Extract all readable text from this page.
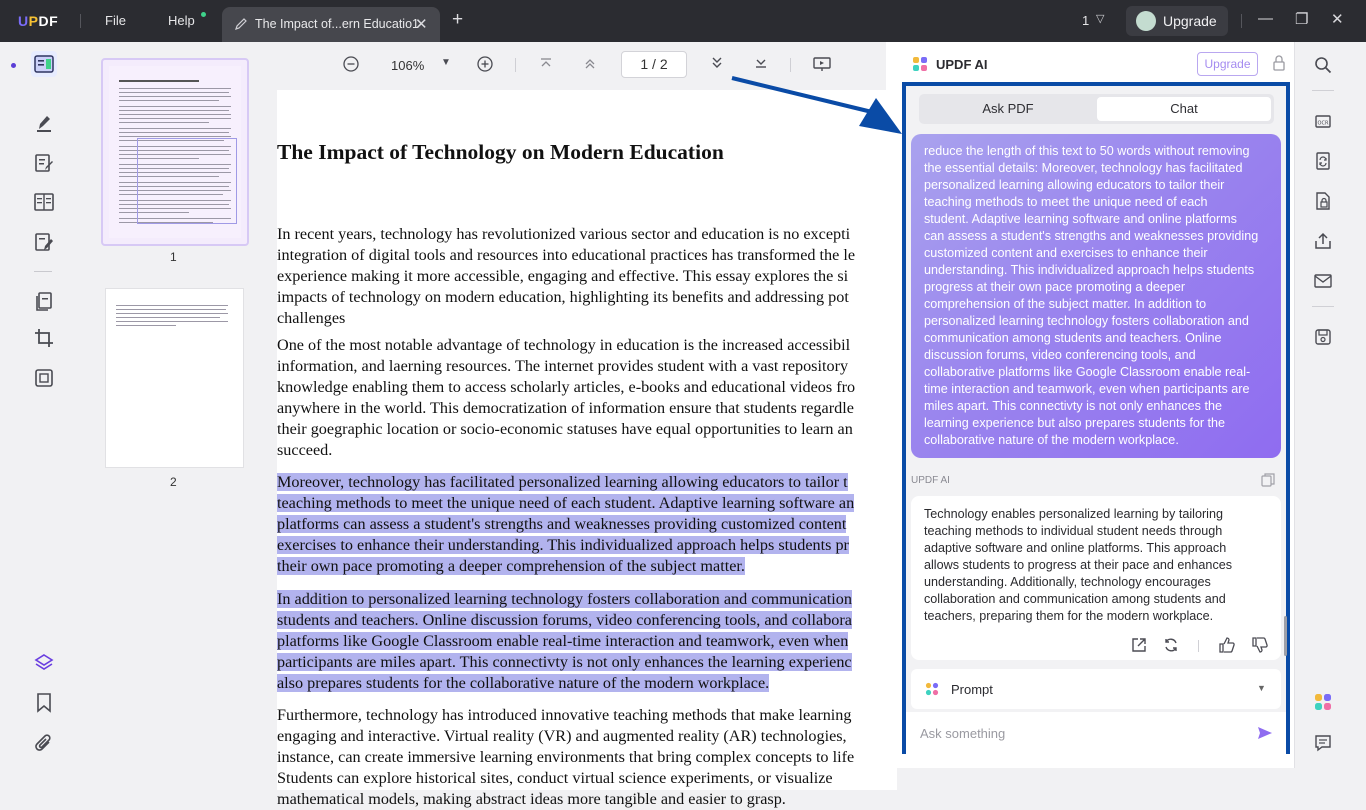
UPDF	File	Help	The Impact of...ern Educatio1
✕ +	1 ▽	Upgrade	— ❐ ✕
1
2
106% ▼	1 / 2
The Impact of Technology on Modern Education
In recent years, technology has revolutionized various sector and education is no excepti
integration of digital tools and resources into educational practices has transformed the le
experience making it more accessible, engaging and effective. This essay explores the si
impacts of technology on modern education, highlighting its benefits and addressing pot
challenges
One of the most notable advantage of technology in education is the increased accessibil
information, and laerning resources. The internet provides student with a vast repository
knowledge enabling them to access scholarly articles, e-books and educational videos fro
anywhere in the world. This democratization of information ensure that students regardle
their goegraphic location or socio-economic statuses have equal opportunities to learn an
succeed.
Moreover, technology has facilitated personalized learning allowing educators to tailor t
teaching methods to meet the unique need of each student. Adaptive learning software an
platforms can assess a student's strengths and weaknesses providing customized content
exercises to enhance their understanding. This individualized approach helps students pr
their own pace promoting a deeper comprehension of the subject matter.
In addition to personalized learning technology fosters collaboration and communication
students and teachers. Online discussion forums, video conferencing tools, and collabora
platforms like Google Classroom enable real-time interaction and teamwork, even when
participants are miles apart. This connectivty is not only enhances the learning experienc
also prepares students for the collaborative nature of the modern workplace.
Furthermore, technology has introduced innovative teaching methods that make learning
engaging and interactive. Virtual reality (VR) and augmented reality (AR) technologies,
instance, can create immersive learning environments that bring complex concepts to life
Students can explore historical sites, conduct virtual science experiments, or visualize
mathematical models, making abstract ideas more tangible and easier to grasp.
UPDF AI	Upgrade
Ask PDF	Chat
reduce the length of this text to 50 words without removing
the essential details: Moreover, technology has facilitated
personalized learning allowing educators to tailor their
teaching methods to meet the unique need of each
student. Adaptive learning software and online platforms
can assess a student's strengths and weaknesses providing
customized content and exercises to enhance their
understanding. This individualized approach helps students
progress at their own pace promoting a deeper
comprehension of the subject matter. In addition to
personalized learning technology fosters collaboration and
communication among students and teachers. Online
discussion forums, video conferencing tools, and
collaborative platforms like Google Classroom enable real-
time interaction and teamwork, even when participants are
miles apart. This connectivty is not only enhances the
learning experience but also prepares students for the
collaborative nature of the modern workplace.
UPDF AI
Technology enables personalized learning by tailoring
teaching methods to individual student needs through
adaptive software and online platforms. This approach
allows students to progress at their pace and enhances
understanding. Additionally, technology encourages
collaboration and communication among students and
teachers, preparing them for the modern workplace.
Prompt	▼
Ask something
OCR
